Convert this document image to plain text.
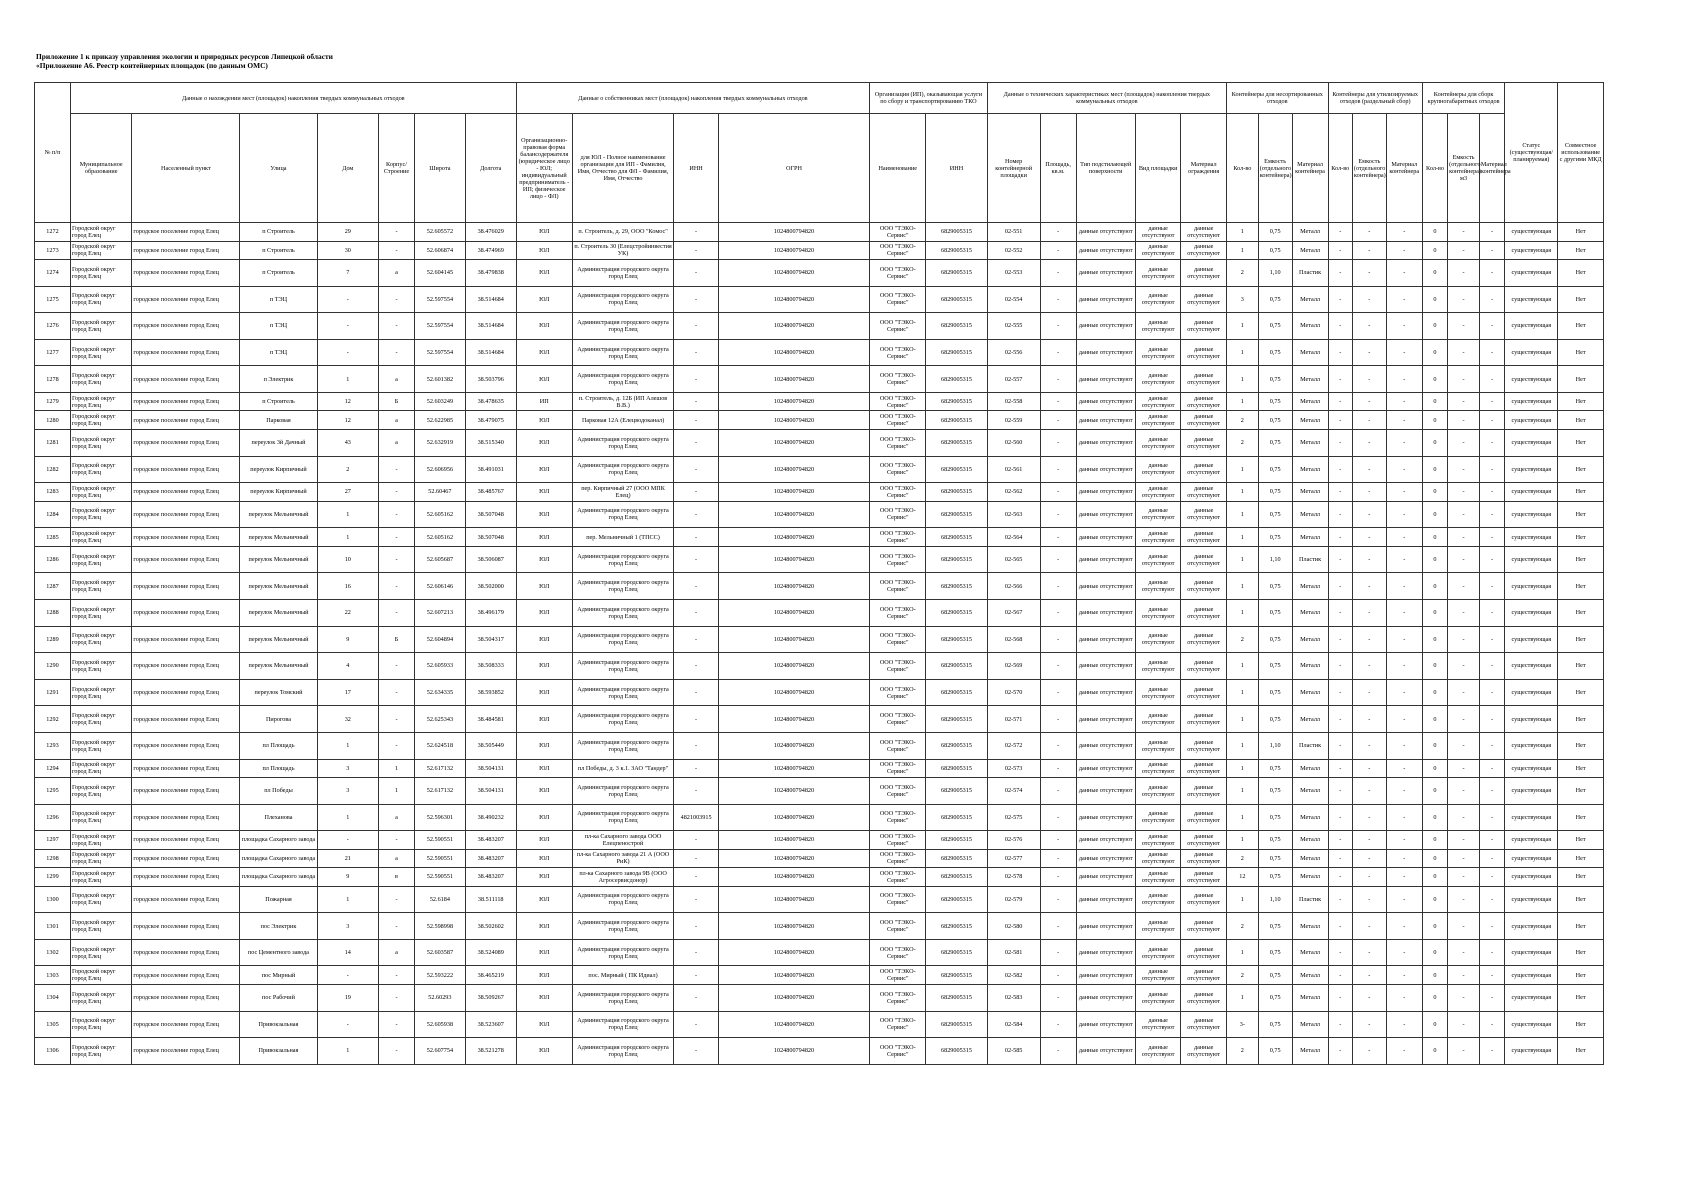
Приложение 1 к приказу управления экологии и природных ресурсов Липецкой области
«Приложение А6. Реестр контейнерных площадок (по данным ОМС)
№ п/п	Данные о нахождении мест (площадок) накопления твердых коммунальных отходов							Данные о собственниках мест (площадок) накопления твердых коммунальных отходов				Организация (ИП), оказывающая услуги по сбору и транспортированию ТКО		Данные о технических характеристиках мест (площадок) накопления твердых коммунальных отходов					Контейнеры для несортированных отходов			Контейнеры для утилизируемых отходов (раздельный сбор)			Контейнеры для сборк крупногабаритных отходов			Статус (существующая/планируемая)	Совместное использование с другими МКД
	Муниципальное образование	Населенный пункт	Улица	Дом	Корпус/Строение	Широта	Долгота	Организационно-правовая форма балансодержателя (юридическое лицо - ЮЛ; индивидуальный предприниматель - ИП; физическое лицо - ФЛ)	для ЮЛ - Полное наименование организации для ИП - Фамилия, Имя, Отчество для ФЛ - Фамилия, Имя, Отчество	ИНН	ОГРН	Наименование	ИНН	Номер контейнерной площадки	Площадь, кв.м.	Тип подстилающей поверхности	Вид площадки	Материал ограждения	Кол-во	Емкость (отдельного контейнера)	Материал контейнера	Кол-во	Емкость (отдельного контейнера)	Материал контейнера	Кол-во	Емкость (отдельного контейнера) м3	Материал контейнера		
1272	Городской округ город Елец	городское поселение город Елец	п Строитель	29	-	52.605572	38.476029	ЮЛ	п. Строитель, д. 29, ООО "Комос"	-	1024800794820	ООО "ТЭКО-Сервис"	6829005315	02-551	-	данные отсутствуют	данные отсутствуют	данные отсутствуют	1	0,75	Металл	-	-	-	0	-	-	существующая	Нет
1273	Городской округ город Елец	городское поселение город Елец	п Строитель	30	-	52.606874	38.474969	ЮЛ	п. Строитель 30 (Елецстройинвестия УК)	-	1024800794820	ООО "ТЭКО-Сервис"	6829005315	02-552	-	данные отсутствуют	данные отсутствуют	данные отсутствуют	1	0,75	Металл	-	-	-	0	-	-	существующая	Нет
1274	Городской округ город Елец	городское поселение город Елец	п Строитель	7	а	52.604145	38.479838	ЮЛ	Администрация городского округа город Елец	-	1024800794820	ООО "ТЭКО-Сервис"	6829005315	02-553	-	данные отсутствуют	данные отсутствуют	данные отсутствуют	2	1,10	Пластик	-	-	-	0	-	-	существующая	Нет
1275	Городской округ город Елец	городское поселение город Елец	п ТЭЦ	-	-	52.597554	38.514684	ЮЛ	Администрация городского округа город Елец	-	1024800794820	ООО "ТЭКО-Сервис"	6829005315	02-554	-	данные отсутствуют	данные отсутствуют	данные отсутствуют	3	0,75	Металл	-	-	-	0	-	-	существующая	Нет
1276	Городской округ город Елец	городское поселение город Елец	п ТЭЦ	-	-	52.597554	38.514684	ЮЛ	Администрация городского округа город Елец	-	1024800794820	ООО "ТЭКО-Сервис"	6829005315	02-555	-	данные отсутствуют	данные отсутствуют	данные отсутствуют	1	0,75	Металл	-	-	-	0	-	-	существующая	Нет
1277	Городской округ город Елец	городское поселение город Елец	п ТЭЦ	-	-	52.597554	38.514684	ЮЛ	Администрация городского округа город Елец	-	1024800794820	ООО "ТЭКО-Сервис"	6829005315	02-556	-	данные отсутствуют	данные отсутствуют	данные отсутствуют	1	0,75	Металл	-	-	-	0	-	-	существующая	Нет
1278	Городской округ город Елец	городское поселение город Елец	п Электрик	1	а	52.601382	38.503796	ЮЛ	Администрация городского округа город Елец	-	1024800794820	ООО "ТЭКО-Сервис"	6829005315	02-557	-	данные отсутствуют	данные отсутствуют	данные отсутствуют	1	0,75	Металл	-	-	-	0	-	-	существующая	Нет
1279	Городской округ город Елец	городское поселение город Елец	п Строитель	12	Б	52.603249	38.478635	ИП	п. Строитель, д. 12Б (ИП Алешов В.В.)	-	1024800794820	ООО "ТЭКО-Сервис"	6829005315	02-558	-	данные отсутствуют	данные отсутствуют	данные отсутствуют	1	0,75	Металл	-	-	-	0	-	-	существующая	Нет
1280	Городской округ город Елец	городское поселение город Елец	Парковая	12	а	52.622985	38.479075	ЮЛ	Парковая 12А (Елецводоканал)	-	1024800794820	ООО "ТЭКО-Сервис"	6829005315	02-559	-	данные отсутствуют	данные отсутствуют	данные отсутствуют	2	0,75	Металл	-	-	-	0	-	-	существующая	Нет
1281	Городской округ город Елец	городское поселение город Елец	переулок 3й Дачный	43	а	52.632919	38.515340	ЮЛ	Администрация городского округа город Елец	-	1024800794820	ООО "ТЭКО-Сервис"	6829005315	02-560	-	данные отсутствуют	данные отсутствуют	данные отсутствуют	2	0,75	Металл	-	-	-	0	-	-	существующая	Нет
1282	Городской округ город Елец	городское поселение город Елец	переулок Кирпичный	2	-	52.606956	38.491031	ЮЛ	Администрация городского округа город Елец	-	1024800794820	ООО "ТЭКО-Сервис"	6829005315	02-561	-	данные отсутствуют	данные отсутствуют	данные отсутствуют	1	0,75	Металл	-	-	-	0	-	-	существующая	Нет
1283	Городской округ город Елец	городское поселение город Елец	переулок Кирпичный	27	-	52.60467	38.485767	ЮЛ	пер. Кирпичный 27 (ООО МПК Елец)	-	1024800794820	ООО "ТЭКО-Сервис"	6829005315	02-562	-	данные отсутствуют	данные отсутствуют	данные отсутствуют	1	0,75	Металл	-	-	-	0	-	-	существующая	Нет
1284	Городской округ город Елец	городское поселение город Елец	переулок Мельничный	1	-	52.605162	38.507048	ЮЛ	Администрация городского округа город Елец	-	1024800794820	ООО "ТЭКО-Сервис"	6829005315	02-563	-	данные отсутствуют	данные отсутствуют	данные отсутствуют	1	0,75	Металл	-	-	-	0	-	-	существующая	Нет
1285	Городской округ город Елец	городское поселение город Елец	переулок Мельничный	1	-	52.605162	38.507048	ЮЛ	пер. Мельничный 1 (ТПСС)	-	1024800794820	ООО "ТЭКО-Сервис"	6829005315	02-564	-	данные отсутствуют	данные отсутствуют	данные отсутствуют	1	0,75	Металл	-	-	-	0	-	-	существующая	Нет
1286	Городской округ город Елец	городское поселение город Елец	переулок Мельничный	10	-	52.605687	38.506087	ЮЛ	Администрация городского округа город Елец	-	1024800794820	ООО "ТЭКО-Сервис"	6829005315	02-565	-	данные отсутствуют	данные отсутствуют	данные отсутствуют	1	1,10	Пластик	-	-	-	0	-	-	существующая	Нет
1287	Городской округ город Елец	городское поселение город Елец	переулок Мельничный	16	-	52.606146	38.502000	ЮЛ	Администрация городского округа город Елец	-	1024800794820	ООО "ТЭКО-Сервис"	6829005315	02-566	-	данные отсутствуют	данные отсутствуют	данные отсутствуют	1	0,75	Металл	-	-	-	0	-	-	существующая	Нет
1288	Городской округ город Елец	городское поселение город Елец	переулок Мельничный	22	-	52.607213	38.496179	ЮЛ	Администрация городского округа город Елец	-	1024800794820	ООО "ТЭКО-Сервис"	6829005315	02-567	-	данные отсутствуют	данные отсутствуют	данные отсутствуют	1	0,75	Металл	-	-	-	0	-	-	существующая	Нет
1289	Городской округ город Елец	городское поселение город Елец	переулок Мельничный	9	Б	52.604894	38.504317	ЮЛ	Администрация городского округа город Елец	-	1024800794820	ООО "ТЭКО-Сервис"	6829005315	02-568	-	данные отсутствуют	данные отсутствуют	данные отсутствуют	2	0,75	Металл	-	-	-	0	-	-	существующая	Нет
1290	Городской округ город Елец	городское поселение город Елец	переулок Мельничный	4	-	52.605933	38.508333	ЮЛ	Администрация городского округа город Елец	-	1024800794820	ООО "ТЭКО-Сервис"	6829005315	02-569	-	данные отсутствуют	данные отсутствуют	данные отсутствуют	1	0,75	Металл	-	-	-	0	-	-	существующая	Нет
1291	Городской округ город Елец	городское поселение город Елец	переулок Томский	17	-	52.634335	38.593852	ЮЛ	Администрация городского округа город Елец	-	1024800794820	ООО "ТЭКО-Сервис"	6829005315	02-570	-	данные отсутствуют	данные отсутствуют	данные отсутствуют	1	0,75	Металл	-	-	-	0	-	-	существующая	Нет
1292	Городской округ город Елец	городское поселение город Елец	Пирогова	32	-	52.625343	38.484581	ЮЛ	Администрация городского округа город Елец	-	1024800794820	ООО "ТЭКО-Сервис"	6829005315	02-571	-	данные отсутствуют	данные отсутствуют	данные отсутствуют	1	0,75	Металл	-	-	-	0	-	-	существующая	Нет
1293	Городской округ город Елец	городское поселение город Елец	пл Площадь	1	-	52.624518	38.505449	ЮЛ	Администрация городского округа город Елец	-	1024800794820	ООО "ТЭКО-Сервис"	6829005315	02-572	-	данные отсутствуют	данные отсутствуют	данные отсутствуют	1	1,10	Пластик	-	-	-	0	-	-	существующая	Нет
1294	Городской округ город Елец	городское поселение город Елец	пл Площадь	3	1	52.617132	38.504131	ЮЛ	пл Победы, д. 3 к.1. ЗАО "Тандер"	-	1024800794820	ООО "ТЭКО-Сервис"	6829005315	02-573	-	данные отсутствуют	данные отсутствуют	данные отсутствуют	1	0,75	Металл	-	-	-	0	-	-	существующая	Нет
1295	Городской округ город Елец	городское поселение город Елец	пл Победы	3	1	52.617132	38.504131	ЮЛ	Администрация городского округа город Елец	-	1024800794820	ООО "ТЭКО-Сервис"	6829005315	02-574	-	данные отсутствуют	данные отсутствуют	данные отсутствуют	1	0,75	Металл	-	-	-	0	-	-	существующая	Нет
1296	Городской округ город Елец	городское поселение город Елец	Плеханова	1	а	52.596301	38.490232	ЮЛ	Администрация городского округа город Елец	4821003915	1024800794820	ООО "ТЭКО-Сервис"	6829005315	02-575	-	данные отсутствуют	данные отсутствуют	данные отсутствуют	1	0,75	Металл	-	-	-	0	-	-	существующая	Нет
1297	Городской округ город Елец	городское поселение город Елец	площадка Сахарного завода	-	-	52.590551	38.483207	ЮЛ	пл-ка Сахарного завода ООО Елецпенострой	-	1024800794820	ООО "ТЭКО-Сервис"	6829005315	02-576	-	данные отсутствуют	данные отсутствуют	данные отсутствуют	1	0,75	Металл	-	-	-	0	-	-	существующая	Нет
1298	Городской округ город Елец	городское поселение город Елец	площадка Сахарного завода	21	а	52.590551	38.483207	ЮЛ	пл-ка Сахарного завода 21 А (ООО РиК)	-	1024800794820	ООО "ТЭКО-Сервис"	6829005315	02-577	-	данные отсутствуют	данные отсутствуют	данные отсутствуют	2	0,75	Металл	-	-	-	0	-	-	существующая	Нет
1299	Городской округ город Елец	городское поселение город Елец	площадка Сахарного завода	9	в	52.590551	38.483207	ЮЛ	пл-ка Сахарного завода 9В (ООО Агросервисдонор)	-	1024800794820	ООО "ТЭКО-Сервис"	6829005315	02-578	-	данные отсутствуют	данные отсутствуют	данные отсутствуют	12	0,75	Металл	-	-	-	0	-	-	существующая	Нет
1300	Городской округ город Елец	городское поселение город Елец	Пожарная	1	-	52.6184	38.511118	ЮЛ	Администрация городского округа город Елец	-	1024800794820	ООО "ТЭКО-Сервис"	6829005315	02-579	-	данные отсутствуют	данные отсутствуют	данные отсутствуют	1	1,10	Пластик	-	-	-	0	-	-	существующая	Нет
1301	Городской округ город Елец	городское поселение город Елец	пос Электрик	3	-	52.598998	38.502602	ЮЛ	Администрация городского округа город Елец	-	1024800794820	ООО "ТЭКО-Сервис"	6829005315	02-580	-	данные отсутствуют	данные отсутствуют	данные отсутствуют	2	0,75	Металл	-	-	-	0	-	-	существующая	Нет
1302	Городской округ город Елец	городское поселение город Елец	пос Цементного завода	14	а	52.603587	38.524089	ЮЛ	Администрация городского округа город Елец	-	1024800794820	ООО "ТЭКО-Сервис"	6829005315	02-581	-	данные отсутствуют	данные отсутствуют	данные отсутствуют	1	0,75	Металл	-	-	-	0	-	-	существующая	Нет
1303	Городской округ город Елец	городское поселение город Елец	пос Мирный	-	-	52.593222	38.465219	ЮЛ	пос. Мирный ( ПК Идиал)	-	1024800794820	ООО "ТЭКО-Сервис"	6829005315	02-582	-	данные отсутствуют	данные отсутствуют	данные отсутствуют	2	0,75	Металл	-	-	-	0	-	-	существующая	Нет
1304	Городской округ город Елец	городское поселение город Елец	пос Рабочий	19	-	52.60293	38.509267	ЮЛ	Администрация городского округа город Елец	-	1024800794820	ООО "ТЭКО-Сервис"	6829005315	02-583	-	данные отсутствуют	данные отсутствуют	данные отсутствуют	1	0,75	Металл	-	-	-	0	-	-	существующая	Нет
1305	Городской округ город Елец	городское поселение город Елец	Привокзальная	-	-	52.605938	38.523607	ЮЛ	Администрация городского округа город Елец	-	1024800794820	ООО "ТЭКО-Сервис"	6829005315	02-584	-	данные отсутствуют	данные отсутствуют	данные отсутствуют	3-	0,75	Металл	-	-	-	0	-	-	существующая	Нет
1306	Городской округ город Елец	городское поселение город Елец	Привокзальная	1	-	52.607754	38.521278	ЮЛ	Администрация городского округа город Елец	-	1024800794820	ООО "ТЭКО-Сервис"	6829005315	02-585	-	данные отсутствуют	данные отсутствуют	данные отсутствуют	2	0,75	Металл	-	-	-	0	-	-	существующая	Нет
